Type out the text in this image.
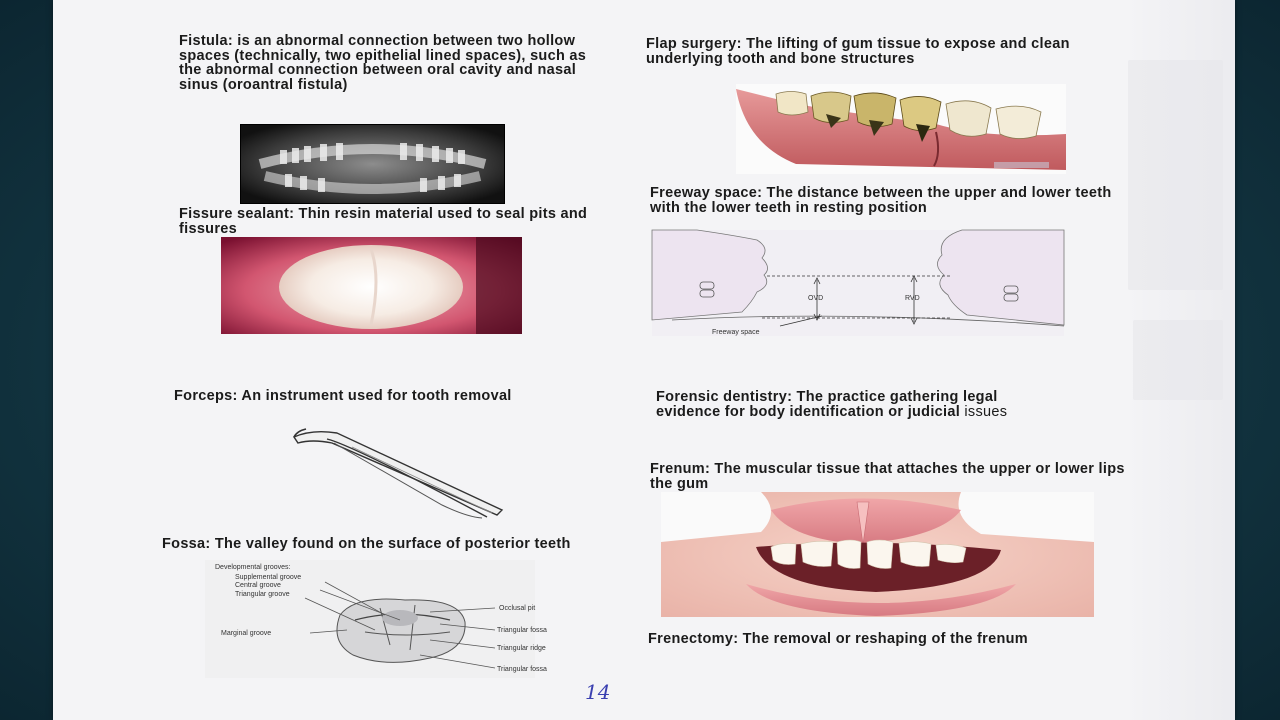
Fistula: is an abnormal connection between two hollow spaces (technically, two epithelial lined spaces), such as the abnormal connection between oral cavity and nasal sinus (oroantral fistula)

Fissure sealant: Thin resin material used to seal pits and fissures

Forceps: An instrument used for tooth removal

Fossa: The valley found on the surface of posterior teeth

Developmental grooves:
Supplemental groove
Central groove
Triangular groove
Marginal groove
Occlusal pit
Triangular fossa
Triangular ridge
Triangular fossa

Flap surgery: The lifting of gum tissue to expose and clean underlying tooth and bone structures

Freeway space: The distance between the upper and lower teeth with the lower teeth in resting position

OVD	RVD
Freeway space

Forensic dentistry: The practice gathering legal evidence for body identification or judicial issues

Frenum: The muscular tissue that attaches the upper or lower lips the gum

Frenectomy: The removal or reshaping of the frenum

14
